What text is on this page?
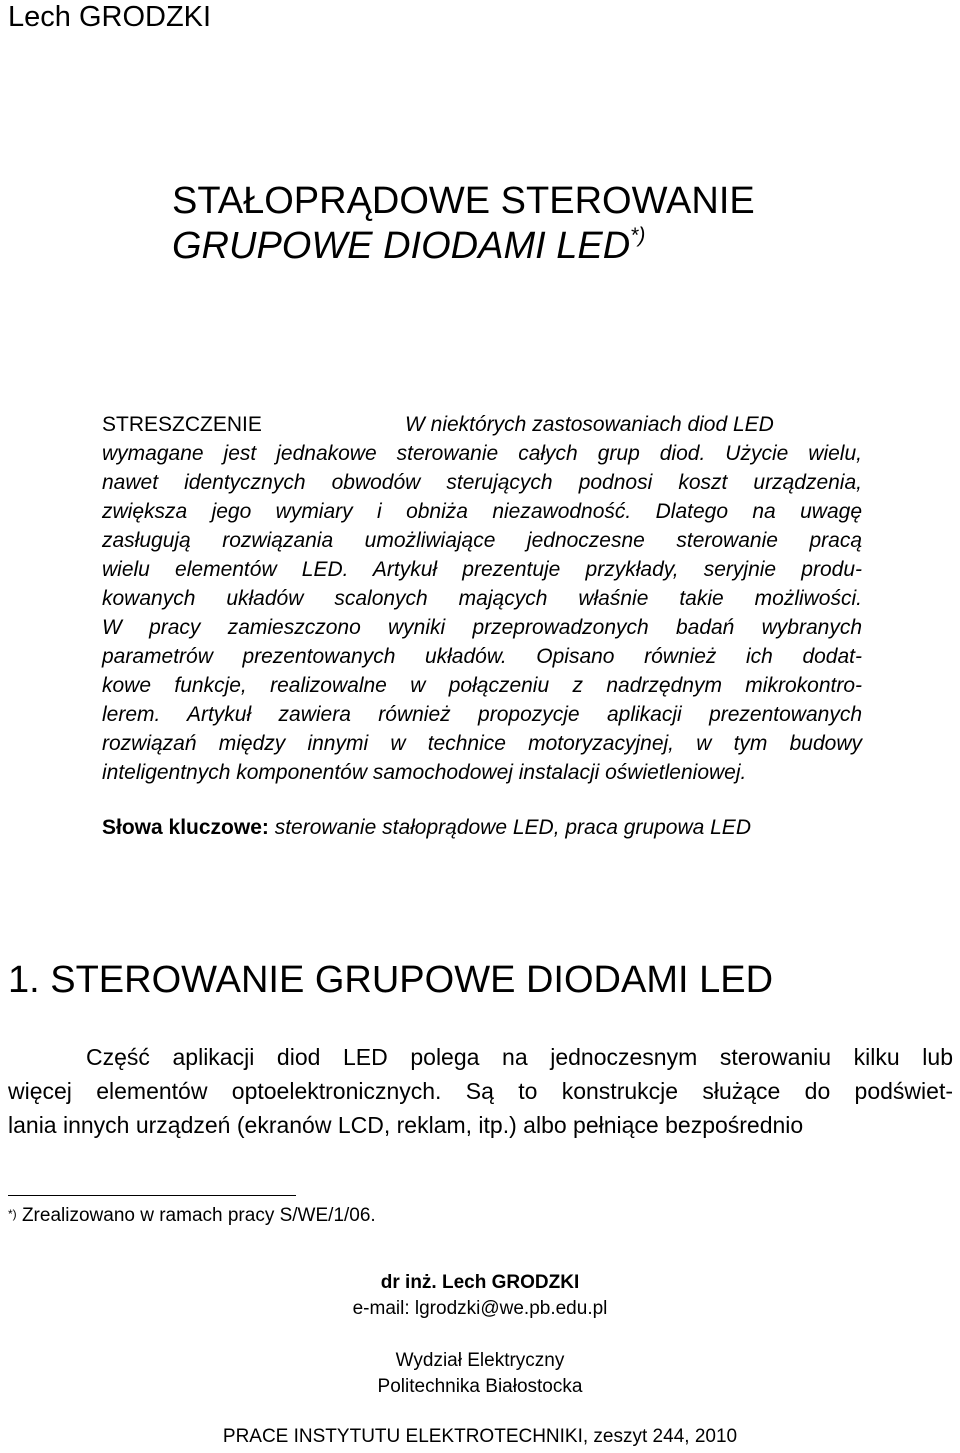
Lech GRODZKI
STAŁOPRĄDOWE STEROWANIE
GRUPOWE DIODAMI LED*)
STRESZCZENIE	W niektórych zastosowaniach diod LED
wymagane jest jednakowe sterowanie całych grup diod. Użycie wielu,
nawet identycznych obwodów sterujących podnosi koszt urządzenia,
zwiększa jego wymiary i obniża niezawodność. Dlatego na uwagę
zasługują rozwiązania umożliwiające jednoczesne sterowanie pracą
wielu elementów LED. Artykuł prezentuje przykłady, seryjnie produ-
kowanych układów scalonych mających właśnie takie możliwości.
W pracy zamieszczono wyniki przeprowadzonych badań wybranych
parametrów prezentowanych układów. Opisano również ich dodat-
kowe funkcje, realizowalne w połączeniu z nadrzędnym mikrokontro-
lerem. Artykuł zawiera również propozycje aplikacji prezentowanych
rozwiązań między innymi w technice motoryzacyjnej, w tym budowy
inteligentnych komponentów samochodowej instalacji oświetleniowej.
Słowa kluczowe: sterowanie stałoprądowe LED, praca grupowa LED
1. STEROWANIE GRUPOWE DIODAMI LED
Część aplikacji diod LED polega na jednoczesnym sterowaniu kilku lub
więcej elementów optoelektronicznych. Są to konstrukcje służące do podświet-
lania innych urządzeń (ekranów LCD, reklam, itp.) albo pełniące bezpośrednio
*) Zrealizowano w ramach pracy S/WE/1/06.
dr inż. Lech GRODZKI
e-mail: lgrodzki@we.pb.edu.pl
Wydział Elektryczny
Politechnika Białostocka
PRACE INSTYTUTU ELEKTROTECHNIKI, zeszyt 244, 2010
